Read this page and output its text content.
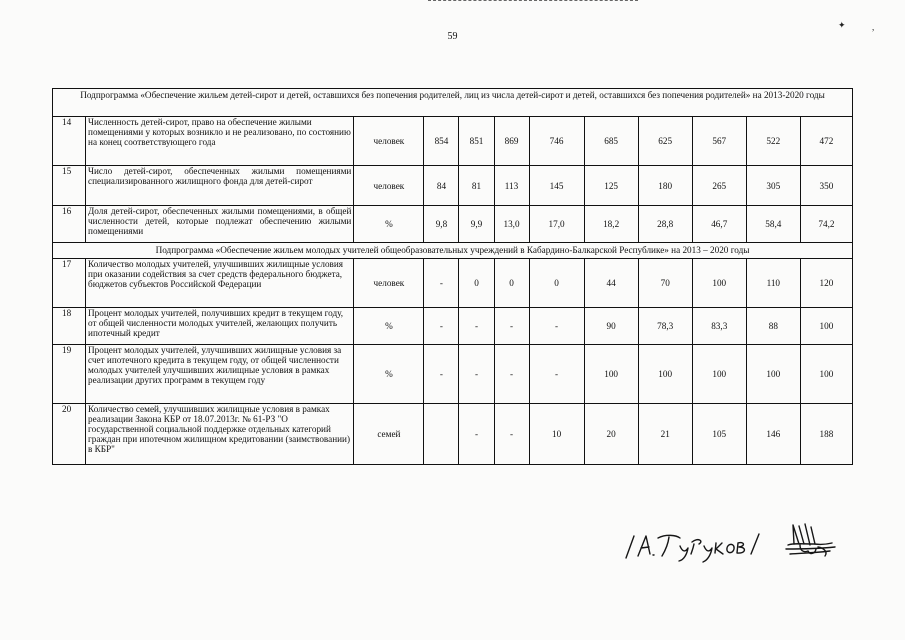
✦	,
59
Подпрограмма «Обеспечение жильем детей-сирот и детей, оставшихся без попечения родителей, лиц из числа детей-сирот и детей, оставшихся без попечения родителей» на 2013-2020 годы											
14	Численность детей-сирот, право на обеспечение жилыми помещениями у которых возникло и не реализовано, по состоянию на конец соответствующего года	человек	854	851	869	746	685	625	567	522	472
15	Число детей-сирот, обеспеченных жилыми помещениями специализированного жилищного фонда для детей-сирот	человек	84	81	113	145	125	180	265	305	350
16	Доля детей-сирот, обеспеченных жилыми помещениями, в общей численности детей, которые подлежат обеспечению жилыми помещениями	%	9,8	9,9	13,0	17,0	18,2	28,8	46,7	58,4	74,2
Подпрограмма «Обеспечение жильем молодых учителей общеобразовательных учреждений в Кабардино-Балкарской Республике» на 2013 – 2020 годы											
17	Количество молодых учителей, улучшивших жилищные условия при оказании содействия за счет средств федерального бюджета, бюджетов субъектов Российской Федерации	человек	-	0	0	0	44	70	100	110	120
18	Процент молодых учителей, получивших кредит в текущем году, от общей численности молодых учителей, желающих получить ипотечный кредит	%	-	-	-	-	90	78,3	83,3	88	100
19	Процент молодых учителей, улучшивших жилищные условия за счет ипотечного кредита в текущем году, от общей численности молодых учителей улучшивших жилищные условия в рамках реализации других программ в текущем году	%	-	-	-	-	100	100	100	100	100
20	Количество семей, улучшивших жилищные условия в рамках реализации Закона КБР от 18.07.2013г. № 61-РЗ "О государственной социальной поддержке отдельных категорий граждан при ипотечном жилищном кредитовании (заимствовании) в КБР"	семей		-	-	10	20	21	105	146	188
